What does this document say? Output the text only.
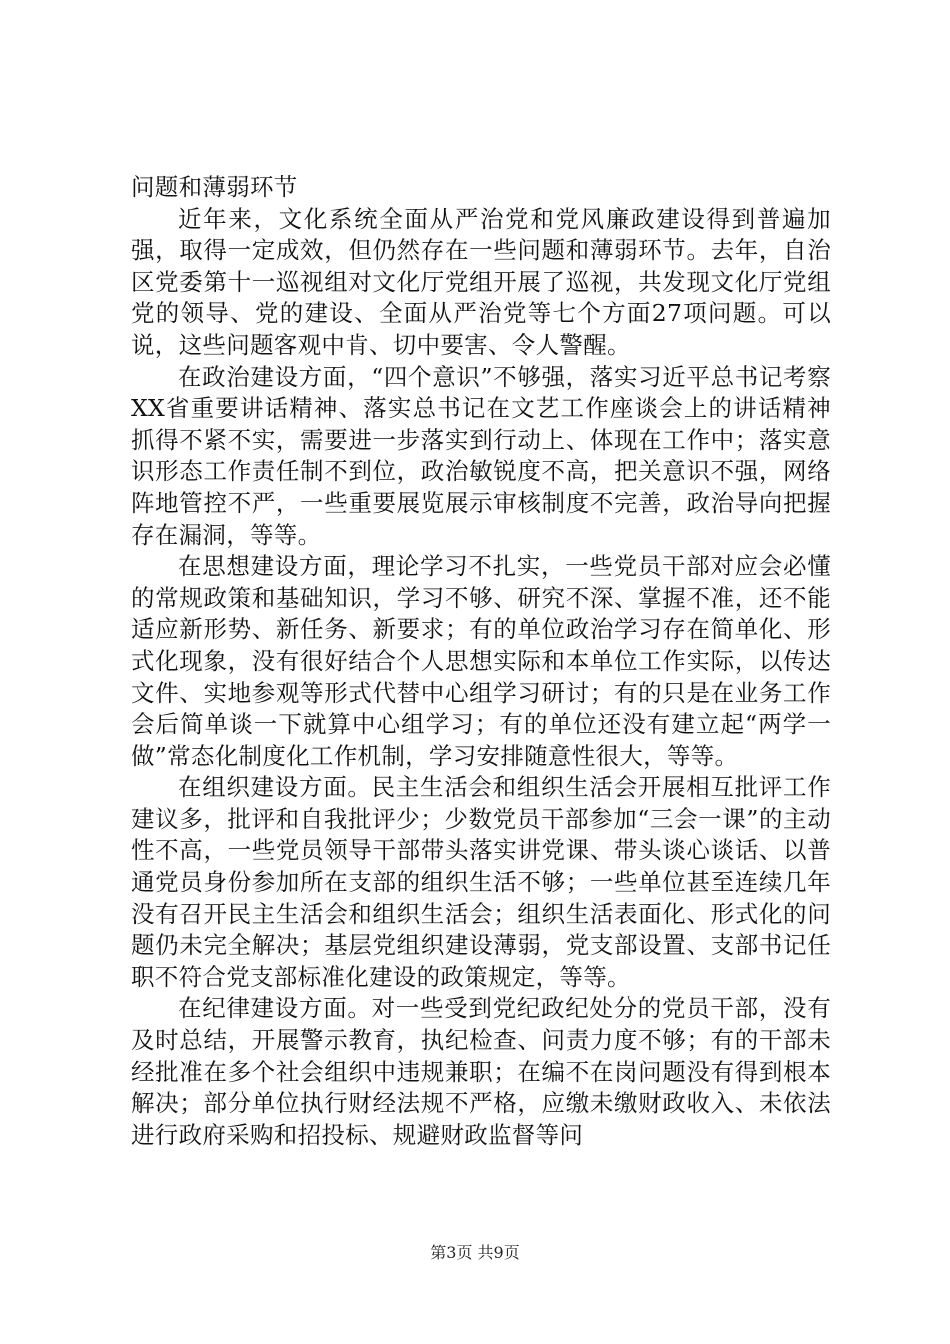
问题和薄弱环节

近年来，文化系统全面从严治党和党风廉政建设得到普遍加强，取得一定成效，但仍然存在一些问题和薄弱环节。去年，自治区党委第十一巡视组对文化厅党组开展了巡视，共发现文化厅党组党的领导、党的建设、全面从严治党等七个方面27项问题。可以说，这些问题客观中肯、切中要害、令人警醒。

在政治建设方面，“四个意识”不够强，落实习近平总书记考察XX省重要讲话精神、落实总书记在文艺工作座谈会上的讲话精神抓得不紧不实，需要进一步落实到行动上、体现在工作中；落实意识形态工作责任制不到位，政治敏锐度不高，把关意识不强，网络阵地管控不严，一些重要展览展示审核制度不完善，政治导向把握存在漏洞，等等。

在思想建设方面，理论学习不扎实，一些党员干部对应会必懂的常规政策和基础知识，学习不够、研究不深、掌握不准，还不能适应新形势、新任务、新要求；有的单位政治学习存在简单化、形式化现象，没有很好结合个人思想实际和本单位工作实际，以传达文件、实地参观等形式代替中心组学习研讨；有的只是在业务工作会后简单谈一下就算中心组学习；有的单位还没有建立起“两学一做”常态化制度化工作机制，学习安排随意性很大，等等。

在组织建设方面。民主生活会和组织生活会开展相互批评工作建议多，批评和自我批评少；少数党员干部参加“三会一课”的主动性不高，一些党员领导干部带头落实讲党课、带头谈心谈话、以普通党员身份参加所在支部的组织生活不够；一些单位甚至连续几年没有召开民主生活会和组织生活会；组织生活表面化、形式化的问题仍未完全解决；基层党组织建设薄弱，党支部设置、支部书记任职不符合党支部标准化建设的政策规定，等等。

在纪律建设方面。对一些受到党纪政纪处分的党员干部，没有及时总结，开展警示教育，执纪检查、问责力度不够；有的干部未经批准在多个社会组织中违规兼职；在编不在岗问题没有得到根本解决；部分单位执行财经法规不严格，应缴未缴财政收入、未依法进行政府采购和招投标、规避财政监督等问

第3页 共9页
